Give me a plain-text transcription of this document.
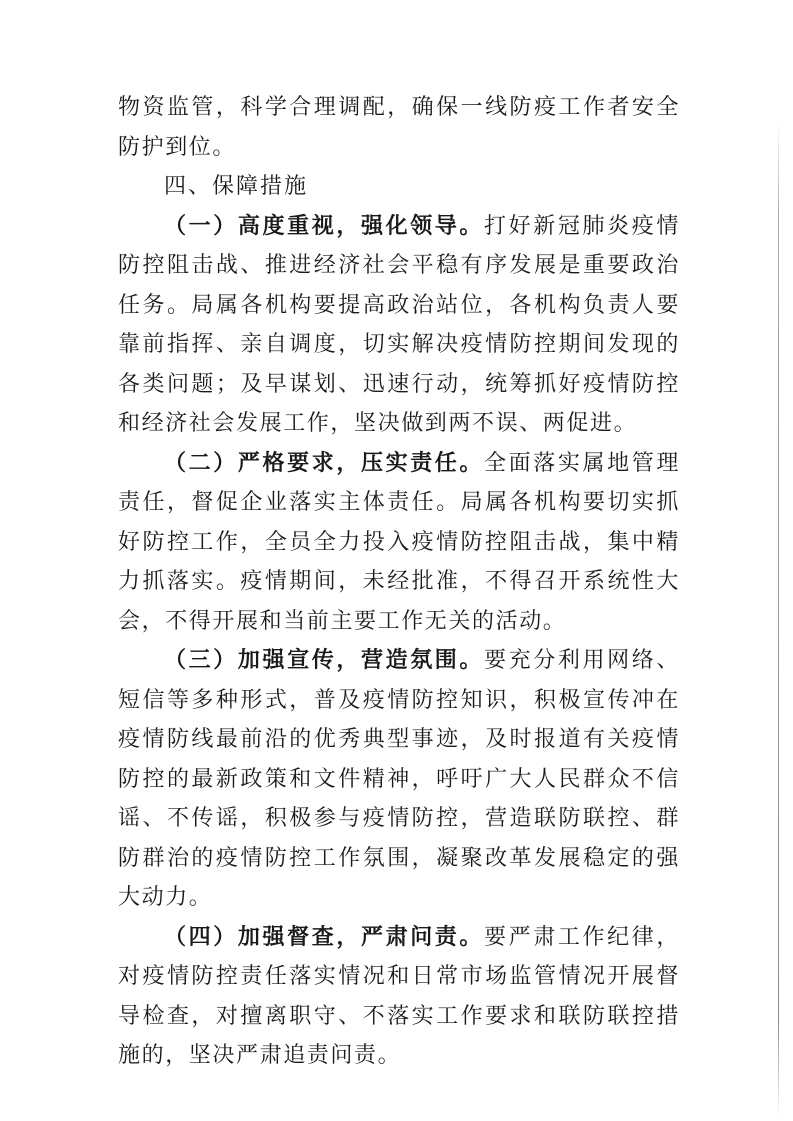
物资监管，科学合理调配，确保一线防疫工作者安全防护到位。

四、保障措施

（一）高度重视，强化领导。打好新冠肺炎疫情防控阻击战、推进经济社会平稳有序发展是重要政治任务。局属各机构要提高政治站位，各机构负责人要靠前指挥、亲自调度，切实解决疫情防控期间发现的各类问题；及早谋划、迅速行动，统筹抓好疫情防控和经济社会发展工作，坚决做到两不误、两促进。

（二）严格要求，压实责任。全面落实属地管理责任，督促企业落实主体责任。局属各机构要切实抓好防控工作，全员全力投入疫情防控阻击战，集中精力抓落实。疫情期间，未经批准，不得召开系统性大会，不得开展和当前主要工作无关的活动。

（三）加强宣传，营造氛围。要充分利用网络、短信等多种形式，普及疫情防控知识，积极宣传冲在疫情防线最前沿的优秀典型事迹，及时报道有关疫情防控的最新政策和文件精神，呼吁广大人民群众不信谣、不传谣，积极参与疫情防控，营造联防联控、群防群治的疫情防控工作氛围，凝聚改革发展稳定的强大动力。

（四）加强督查，严肃问责。要严肃工作纪律，对疫情防控责任落实情况和日常市场监管情况开展督导检查，对擅离职守、不落实工作要求和联防联控措施的，坚决严肃追责问责。
